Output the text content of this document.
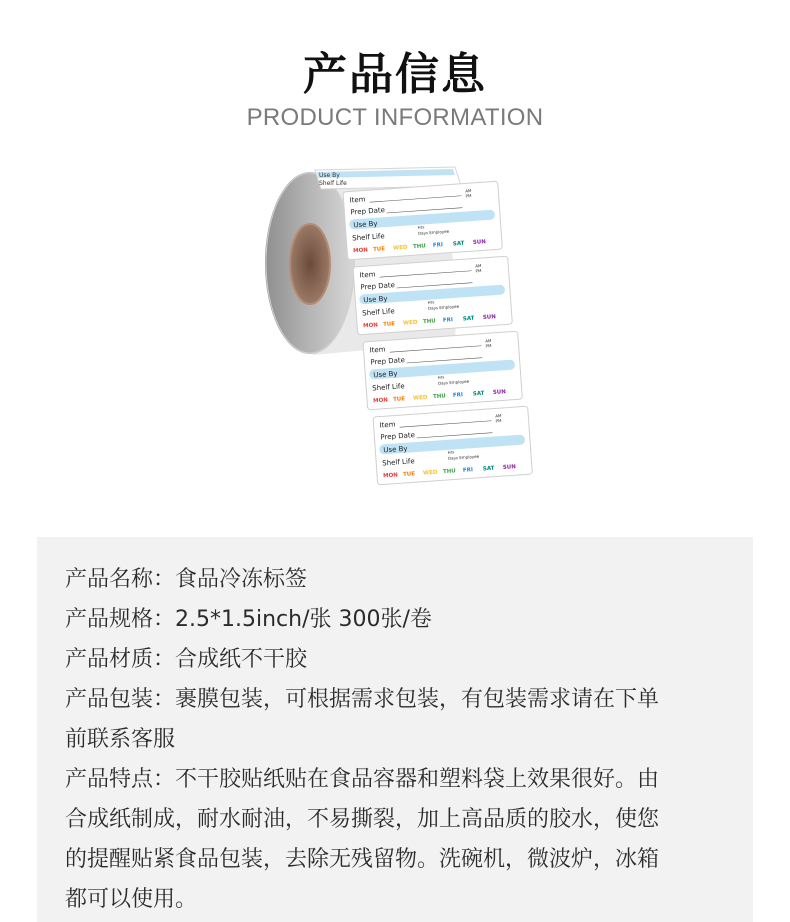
产品信息
PRODUCT INFORMATION
Use By
Shelf Life
Item
AM
PM
Prep Date
Use By
Shelf Life
Hrs
Days Employee
MON TUE WED THU FRI SAT SUN
Item
AM
PM
Prep Date
Use By
Shelf Life
Hrs
Days Employee
MON TUE WED THU FRI SAT SUN
Item
AM
PM
Prep Date
Use By
Shelf Life
Hrs
Days Employee
MON TUE WED THU FRI SAT SUN
Item
AM
PM
Prep Date
Use By
Shelf Life
Hrs
Days Employee
MON TUE WED THU FRI SAT SUN
产品名称：食品冷冻标签
产品规格：2.5*1.5inch/张 300张/卷
产品材质：合成纸不干胶
产品包装：裹膜包装，可根据需求包装，有包装需求请在下单
前联系客服
产品特点：不干胶贴纸贴在食品容器和塑料袋上效果很好。由
合成纸制成，耐水耐油，不易撕裂，加上高品质的胶水，使您
的提醒贴紧食品包装，去除无残留物。洗碗机，微波炉，冰箱
都可以使用。
